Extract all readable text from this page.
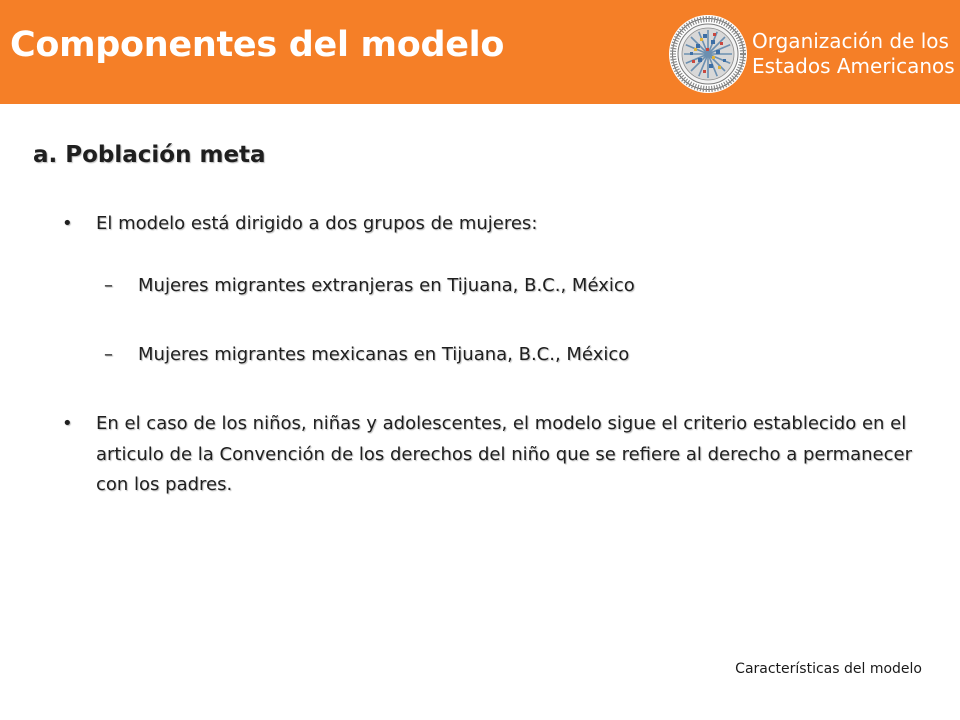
Componentes del modelo	Organización de los
Estados Americanos
a. Población meta
• El modelo está dirigido a dos grupos de mujeres:
– Mujeres migrantes extranjeras en Tijuana, B.C., México
– Mujeres migrantes mexicanas en Tijuana, B.C., México
• En el caso de los niños, niñas y adolescentes, el modelo sigue el criterio establecido en el articulo de la Convención de los derechos del niño que se refiere al derecho a permanecer con los padres.
Características del modelo
